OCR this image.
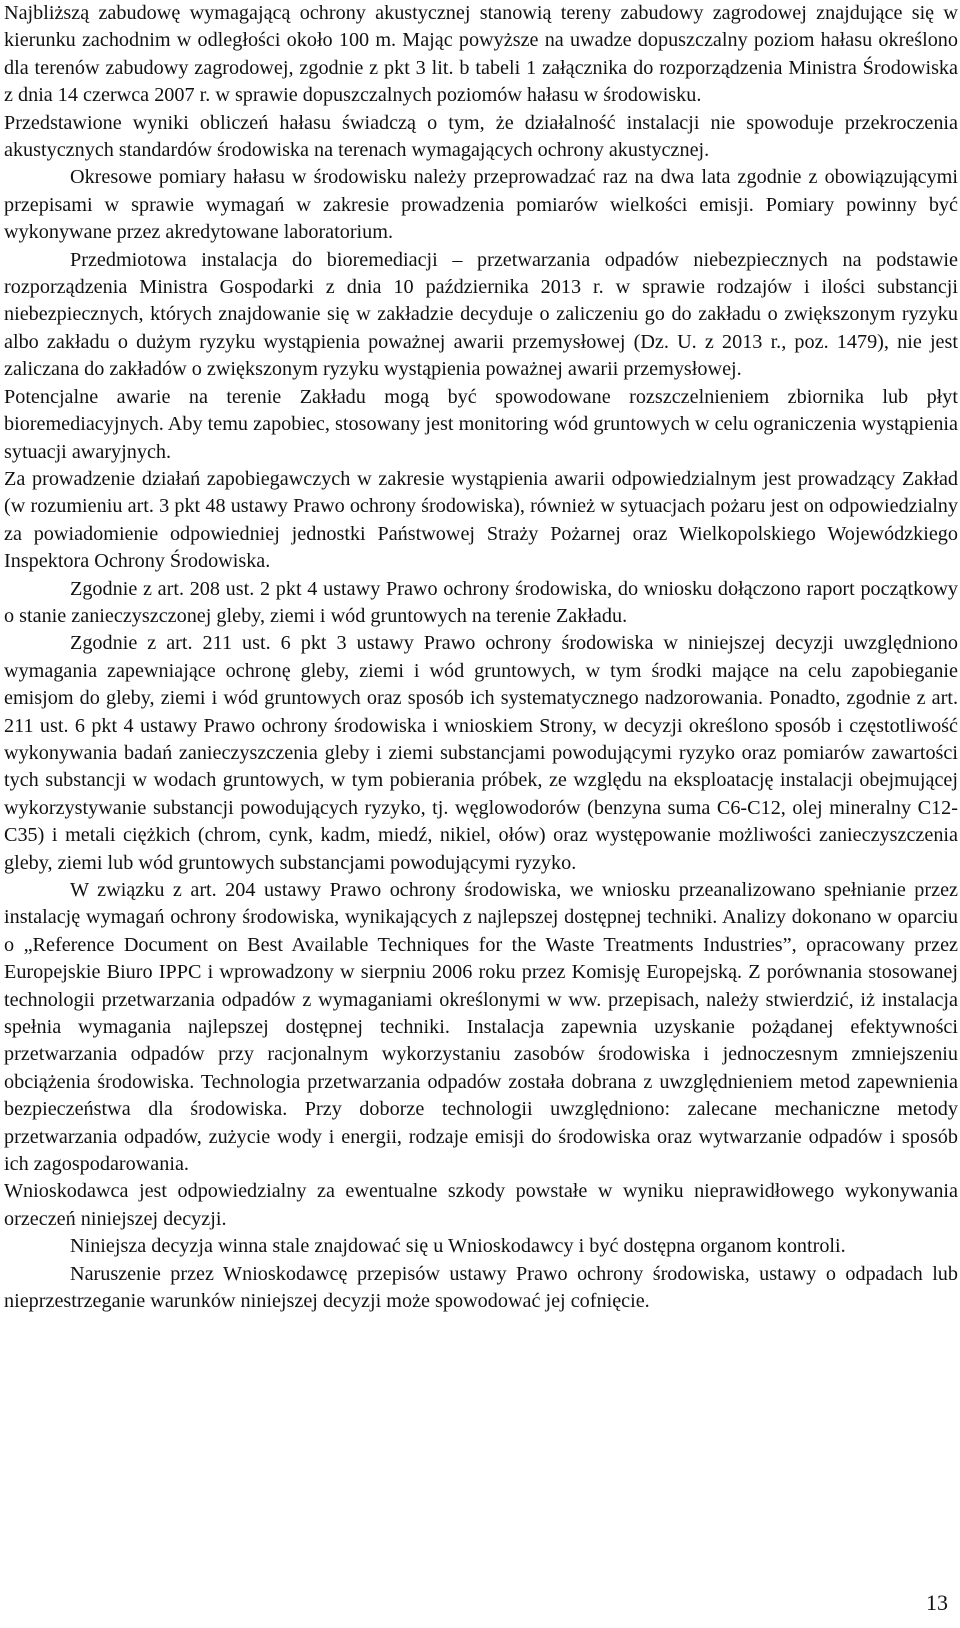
Najbliższą zabudowę wymagającą ochrony akustycznej stanowią tereny zabudowy zagrodowej znajdujące się w kierunku zachodnim w odległości około 100 m. Mając powyższe na uwadze dopuszczalny poziom hałasu określono dla terenów zabudowy zagrodowej, zgodnie z pkt 3 lit. b tabeli 1 załącznika do rozporządzenia Ministra Środowiska z dnia 14 czerwca 2007 r. w sprawie dopuszczalnych poziomów hałasu w środowisku.

Przedstawione wyniki obliczeń hałasu świadczą o tym, że działalność instalacji nie spowoduje przekroczenia akustycznych standardów środowiska na terenach wymagających ochrony akustycznej.

Okresowe pomiary hałasu w środowisku należy przeprowadzać raz na dwa lata zgodnie z obowiązującymi przepisami w sprawie wymagań w zakresie prowadzenia pomiarów wielkości emisji. Pomiary powinny być wykonywane przez akredytowane laboratorium.

Przedmiotowa instalacja do bioremediacji – przetwarzania odpadów niebezpiecznych na podstawie rozporządzenia Ministra Gospodarki z dnia 10 października 2013 r. w sprawie rodzajów i ilości substancji niebezpiecznych, których znajdowanie się w zakładzie decyduje o zaliczeniu go do zakładu o zwiększonym ryzyku albo zakładu o dużym ryzyku wystąpienia poważnej awarii przemysłowej (Dz. U. z 2013 r., poz. 1479), nie jest zaliczana do zakładów o zwiększonym ryzyku wystąpienia poważnej awarii przemysłowej.

Potencjalne awarie na terenie Zakładu mogą być spowodowane rozszczelnieniem zbiornika lub płyt bioremediacyjnych. Aby temu zapobiec, stosowany jest monitoring wód gruntowych w celu ograniczenia wystąpienia sytuacji awaryjnych.

Za prowadzenie działań zapobiegawczych w zakresie wystąpienia awarii odpowiedzialnym jest prowadzący Zakład (w rozumieniu art. 3 pkt 48 ustawy Prawo ochrony środowiska), również w sytuacjach pożaru jest on odpowiedzialny za powiadomienie odpowiedniej jednostki Państwowej Straży Pożarnej oraz Wielkopolskiego Wojewódzkiego Inspektora Ochrony Środowiska.

Zgodnie z art. 208 ust. 2 pkt 4 ustawy Prawo ochrony środowiska, do wniosku dołączono raport początkowy o stanie zanieczyszczonej gleby, ziemi i wód gruntowych na terenie Zakładu.

Zgodnie z art. 211 ust. 6 pkt 3 ustawy Prawo ochrony środowiska w niniejszej decyzji uwzględniono wymagania zapewniające ochronę gleby, ziemi i wód gruntowych, w tym środki mające na celu zapobieganie emisjom do gleby, ziemi i wód gruntowych oraz sposób ich systematycznego nadzorowania. Ponadto, zgodnie z art. 211 ust. 6 pkt 4 ustawy Prawo ochrony środowiska i wnioskiem Strony, w decyzji określono sposób i częstotliwość wykonywania badań zanieczyszczenia gleby i ziemi substancjami powodującymi ryzyko oraz pomiarów zawartości tych substancji w wodach gruntowych, w tym pobierania próbek, ze względu na eksploatację instalacji obejmującej wykorzystywanie substancji powodujących ryzyko, tj. węglowodorów (benzyna suma C6-C12, olej mineralny C12-C35) i metali ciężkich (chrom, cynk, kadm, miedź, nikiel, ołów) oraz występowanie możliwości zanieczyszczenia gleby, ziemi lub wód gruntowych substancjami powodującymi ryzyko.

W związku z art. 204 ustawy Prawo ochrony środowiska, we wniosku przeanalizowano spełnianie przez instalację wymagań ochrony środowiska, wynikających z najlepszej dostępnej techniki. Analizy dokonano w oparciu o „Reference Document on Best Available Techniques for the Waste Treatments Industries”, opracowany przez Europejskie Biuro IPPC i wprowadzony w sierpniu 2006 roku przez Komisję Europejską. Z porównania stosowanej technologii przetwarzania odpadów z wymaganiami określonymi w ww. przepisach, należy stwierdzić, iż instalacja spełnia wymagania najlepszej dostępnej techniki. Instalacja zapewnia uzyskanie pożądanej efektywności przetwarzania odpadów przy racjonalnym wykorzystaniu zasobów środowiska i jednoczesnym zmniejszeniu obciążenia środowiska. Technologia przetwarzania odpadów została dobrana z uwzględnieniem metod zapewnienia bezpieczeństwa dla środowiska. Przy doborze technologii uwzględniono: zalecane mechaniczne metody przetwarzania odpadów, zużycie wody i energii, rodzaje emisji do środowiska oraz wytwarzanie odpadów i sposób ich zagospodarowania.

Wnioskodawca jest odpowiedzialny za ewentualne szkody powstałe w wyniku nieprawidłowego wykonywania orzeczeń niniejszej decyzji.

Niniejsza decyzja winna stale znajdować się u Wnioskodawcy i być dostępna organom kontroli.

Naruszenie przez Wnioskodawcę przepisów ustawy Prawo ochrony środowiska, ustawy o odpadach lub nieprzestrzeganie warunków niniejszej decyzji może spowodować jej cofnięcie.

13
